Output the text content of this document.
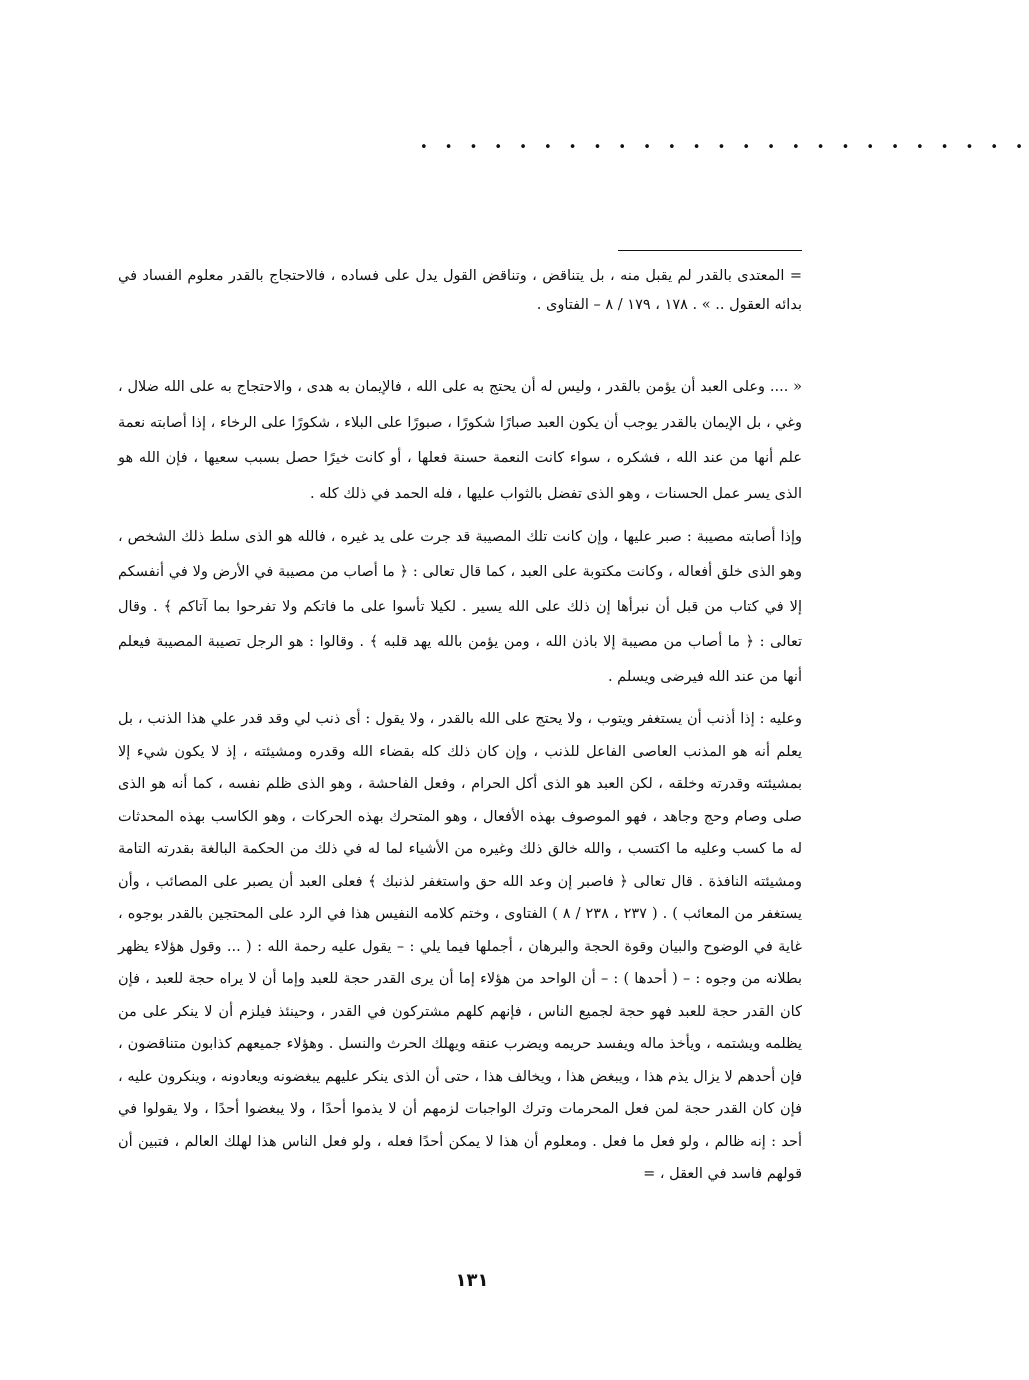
• • • • • • • • • • • • • • • • • • • • • • • • •

= المعتدى بالقدر لم يقبل منه ، بل يتناقض ، وتناقض القول يدل على فساده ، فالاحتجاج بالقدر معلوم الفساد في بدائه العقول .. » . ١٧٨ ، ١٧٩ / ٨ – الفتاوى .

« .... وعلى العبد أن يؤمن بالقدر ، وليس له أن يحتج به على الله ، فالإيمان به هدى ، والاحتجاج به على الله ضلال ، وغي ، بل الإيمان بالقدر يوجب أن يكون العبد صبارًا شكورًا ، صبورًا على البلاء ، شكورًا على الرخاء ، إذا أصابته نعمة علم أنها من عند الله ، فشكره ، سواء كانت النعمة حسنة فعلها ، أو كانت خيرًا حصل بسبب سعيها ، فإن الله هو الذى يسر عمل الحسنات ، وهو الذى تفضل بالثواب عليها ، فله الحمد في ذلك كله .

وإذا أصابته مصيبة : صبر عليها ، وإن كانت تلك المصيبة قد جرت على يد غيره ، فالله هو الذى سلط ذلك الشخص ، وهو الذى خلق أفعاله ، وكانت مكتوبة على العبد ، كما قال تعالى : ﴿ ما أصاب من مصيبة في الأرض ولا في أنفسكم إلا في كتاب من قبل أن نبرأها إن ذلك على الله يسير . لكيلا تأسوا على ما فاتكم ولا تفرحوا بما آتاكم ﴾ . وقال تعالى : ﴿ ما أصاب من مصيبة إلا باذن الله ، ومن يؤمن بالله يهد قلبه ﴾ . وقالوا : هو الرجل تصيبة المصيبة فيعلم أنها من عند الله فيرضى ويسلم .

وعليه : إذا أذنب أن يستغفر ويتوب ، ولا يحتج على الله بالقدر ، ولا يقول : أى ذنب لي وقد قدر علي هذا الذنب ، بل يعلم أنه هو المذنب العاصى الفاعل للذنب ، وإن كان ذلك كله بقضاء الله وقدره ومشيئته ، إذ لا يكون شيء إلا بمشيئته وقدرته وخلقه ، لكن العبد هو الذى أكل الحرام ، وفعل الفاحشة ، وهو الذى ظلم نفسه ، كما أنه هو الذى صلى وصام وحج وجاهد ، فهو الموصوف بهذه الأفعال ، وهو المتحرك بهذه الحركات ، وهو الكاسب بهذه المحدثات له ما كسب وعليه ما اكتسب ، والله خالق ذلك وغيره من الأشياء لما له في ذلك من الحكمة البالغة بقدرته التامة ومشيئته النافذة . قال تعالى ﴿ فاصبر إن وعد الله حق واستغفر لذنبك ﴾ فعلى العبد أن يصبر على المصائب ، وأن يستغفر من المعائب ) . ( ٢٣٧ ، ٢٣٨ / ٨ ) الفتاوى ، وختم كلامه النفيس هذا في الرد على المحتجين بالقدر بوجوه ، غاية في الوضوح والبيان وقوة الحجة والبرهان ، أجملها فيما يلي : – يقول عليه رحمة الله : ( ... وقول هؤلاء يظهر بطلانه من وجوه : – ( أحدها ) : – أن الواحد من هؤلاء إما أن يرى القدر حجة للعبد وإما أن لا يراه حجة للعبد ، فإن كان القدر حجة للعبد فهو حجة لجميع الناس ، فإنهم كلهم مشتركون في القدر ، وحينئذ فيلزم أن لا ينكر على من يظلمه ويشتمه ، ويأخذ ماله ويفسد حريمه ويضرب عنقه ويهلك الحرث والنسل . وهؤلاء جميعهم كذابون متناقضون ، فإن أحدهم لا يزال يذم هذا ، ويبغض هذا ، ويخالف هذا ، حتى أن الذى ينكر عليهم يبغضونه ويعادونه ، وينكرون عليه ، فإن كان القدر حجة لمن فعل المحرمات وترك الواجبات لزمهم أن لا يذموا أحدًا ، ولا يبغضوا أحدًا ، ولا يقولوا في أحد : إنه ظالم ، ولو فعل ما فعل . ومعلوم أن هذا لا يمكن أحدًا فعله ، ولو فعل الناس هذا لهلك العالم ، فتبين أن قولهم فاسد في العقل ، =

١٣١
